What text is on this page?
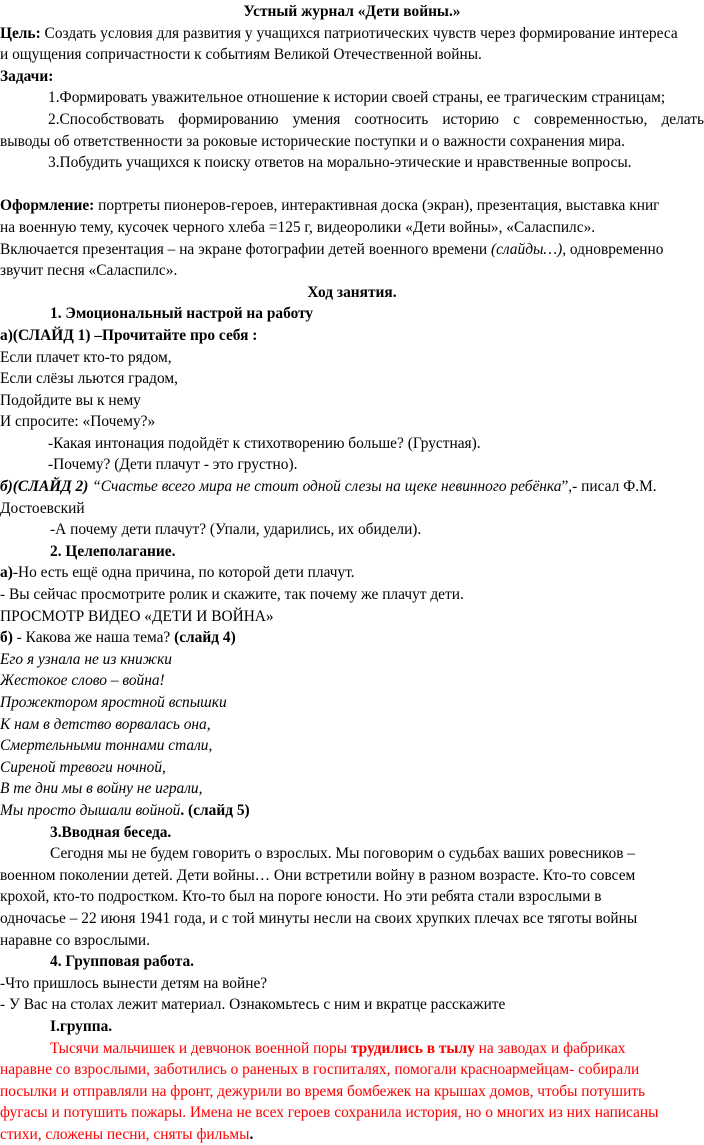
Устный журнал «Дети войны.»
Цель: Создать условия для развития у учащихся патриотических чувств через формирование интереса
и ощущения сопричастности к событиям Великой Отечественной войны.
Задачи:
1.Формировать уважительное отношение к истории своей страны, ее трагическим страницам;
2.Способствовать формированию умения соотносить историю с современностью, делать
выводы об ответственности за роковые исторические поступки и о важности сохранения мира.
3.Побудить учащихся к поиску ответов на морально-этические и нравственные вопросы.
Оформление: портреты пионеров-героев, интерактивная доска (экран), презентация, выставка книг
на военную тему, кусочек черного хлеба =125 г, видеоролики «Дети войны», «Саласпилс».
Включается презентация – на экране фотографии детей военного времени (слайды…), одновременно
звучит песня «Саласпилс».
Ход занятия.
1. Эмоциональный настрой на работу
а)(СЛАЙД 1) –Прочитайте про себя :
Если плачет кто-то рядом,
Если слёзы льются градом,
Подойдите вы к нему
И спросите: «Почему?»
-Какая интонация подойдёт к стихотворению больше? (Грустная).
-Почему? (Дети плачут - это грустно).
б)(СЛАЙД 2) “Счастье всего мира не стоит одной слезы на щеке невинного ребёнка”,- писал Ф.М.
Достоевский
-А почему дети плачут? (Упали, ударились, их обидели).
2. Целеполагание.
а)-Но есть ещё одна причина, по которой дети плачут.
- Вы сейчас просмотрите ролик и скажите, так почему же плачут дети.
ПРОСМОТР ВИДЕО «ДЕТИ И ВОЙНА»
б) - Какова же наша тема? (слайд 4)
Его я узнала не из книжки
Жестокое слово – война!
Прожектором яростной вспышки
К нам в детство ворвалась она,
Смертельными тоннами стали,
Сиреной тревоги ночной,
В те дни мы в войну не играли,
Мы просто дышали войной. (слайд 5)
3.Вводная беседа.
Сегодня мы не будем говорить о взрослых. Мы поговорим о судьбах ваших ровесников –
военном поколении детей. Дети войны… Они встретили войну в разном возрасте. Кто-то совсем
крохой, кто-то подростком. Кто-то был на пороге юности. Но эти ребята стали взрослыми в
одночасье – 22 июня 1941 года, и с той минуты несли на своих хрупких плечах все тяготы войны
наравне со взрослыми.
4. Групповая работа.
-Что пришлось вынести детям на войне?
- У Вас на столах лежит материал. Ознакомьтесь с ним и вкратце расскажите
I.группа.
Тысячи мальчишек и девчонок военной поры трудились в тылу на заводах и фабриках
наравне со взрослыми, заботились о раненых в госпиталях, помогали красноармейцам- собирали
посылки и отправляли на фронт, дежурили во время бомбежек на крышах домов, чтобы потушить
фугасы и потушить пожары. Имена не всех героев сохранила история, но о многих из них написаны
стихи, сложены песни, сняты фильмы.
